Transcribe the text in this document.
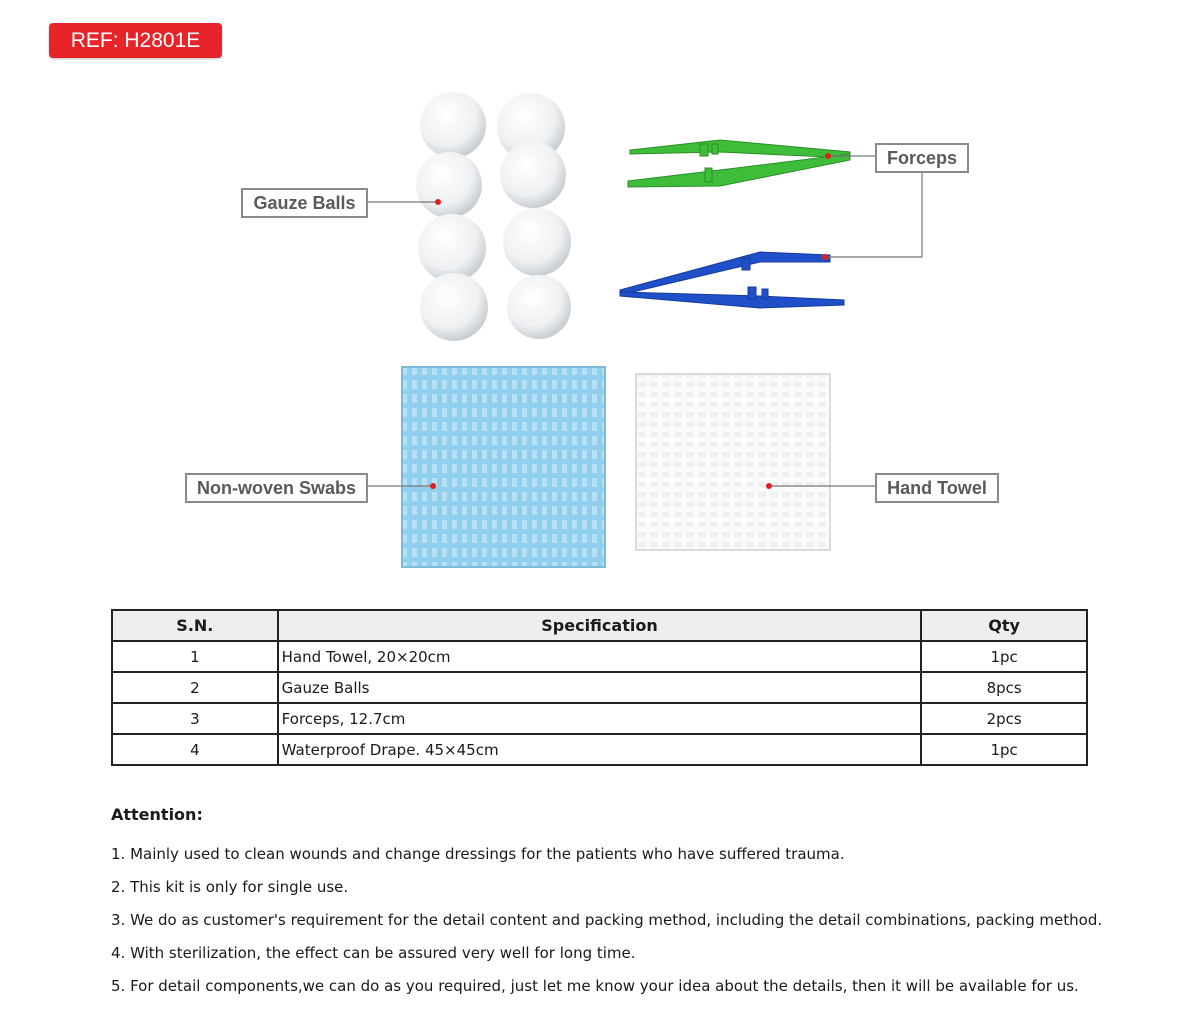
REF: H2801E
Gauze Balls
Forceps
Non-woven Swabs	Hand Towel
S.N.	Specification	Qty
1	Hand Towel, 20×20cm	1pc
2	Gauze Balls	8pcs
3	Forceps, 12.7cm	2pcs
4	Waterproof Drape. 45×45cm	1pc
Attention:
1. Mainly used to clean wounds and change dressings for the patients who have suffered trauma.
2. This kit is only for single use.
3. We do as customer's requirement for the detail content and packing method, including the detail combinations, packing method.
4. With sterilization, the effect can be assured very well for long time.
5. For detail components,we can do as you required, just let me know your idea about the details, then it will be available for us.
